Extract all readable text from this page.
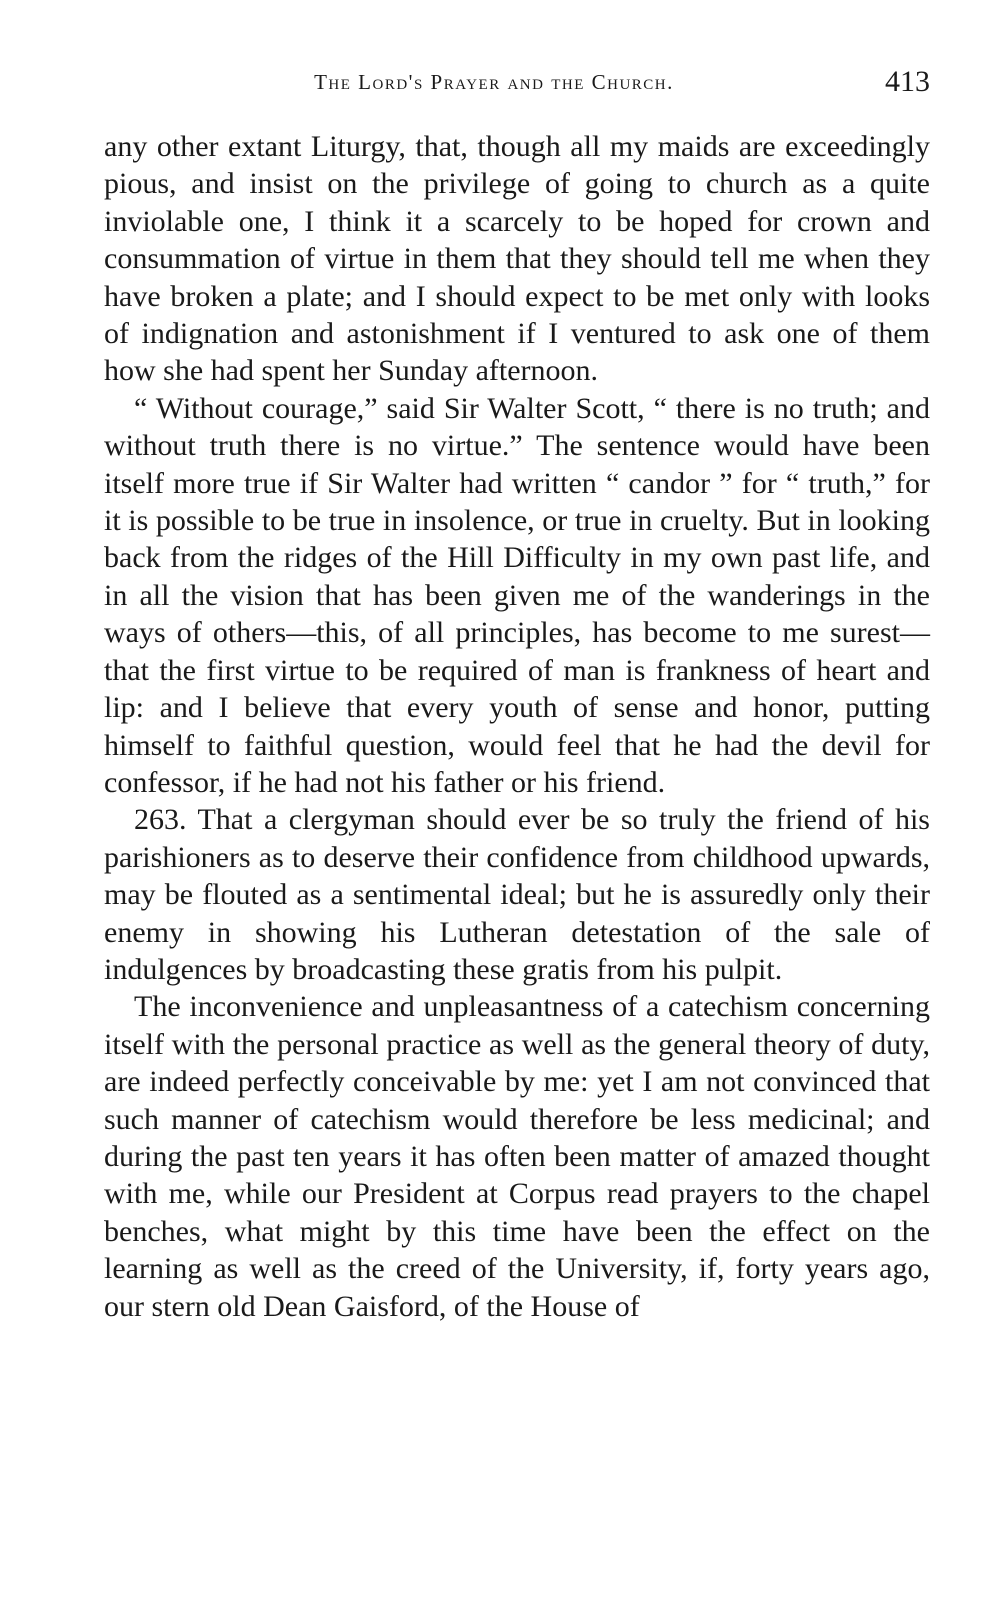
The Lord's Prayer and the Church.	413

any other extant Liturgy, that, though all my maids are exceedingly pious, and insist on the privilege of going to church as a quite inviolable one, I think it a scarcely to be hoped for crown and consummation of virtue in them that they should tell me when they have broken a plate; and I should expect to be met only with looks of indignation and astonishment if I ventured to ask one of them how she had spent her Sunday afternoon.

“ Without courage,” said Sir Walter Scott, “ there is no truth; and without truth there is no virtue.” The sentence would have been itself more true if Sir Walter had written “ candor ” for “ truth,” for it is possible to be true in insolence, or true in cruelty. But in looking back from the ridges of the Hill Difficulty in my own past life, and in all the vision that has been given me of the wanderings in the ways of others—this, of all principles, has become to me surest—that the first virtue to be required of man is frankness of heart and lip: and I believe that every youth of sense and honor, putting himself to faithful question, would feel that he had the devil for confessor, if he had not his father or his friend.

263. That a clergyman should ever be so truly the friend of his parishioners as to deserve their confidence from childhood upwards, may be flouted as a sentimental ideal; but he is assuredly only their enemy in showing his Lutheran detestation of the sale of indulgences by broadcasting these gratis from his pulpit.

The inconvenience and unpleasantness of a catechism concerning itself with the personal practice as well as the general theory of duty, are indeed perfectly conceivable by me: yet I am not convinced that such manner of catechism would therefore be less medicinal; and during the past ten years it has often been matter of amazed thought with me, while our President at Corpus read prayers to the chapel benches, what might by this time have been the effect on the learning as well as the creed of the University, if, forty years ago, our stern old Dean Gaisford, of the House of
